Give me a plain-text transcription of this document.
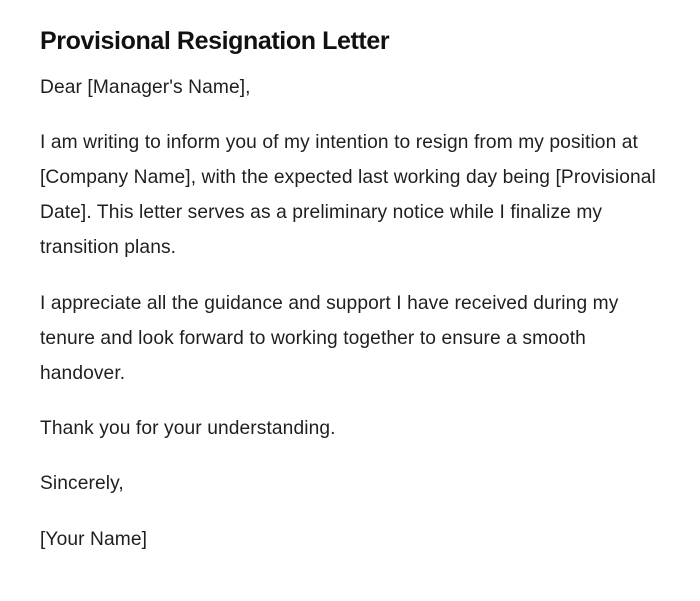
Provisional Resignation Letter

Dear [Manager's Name],

I am writing to inform you of my intention to resign from my position at [Company Name], with the expected last working day being [Provisional Date]. This letter serves as a preliminary notice while I finalize my transition plans.

I appreciate all the guidance and support I have received during my tenure and look forward to working together to ensure a smooth handover.

Thank you for your understanding.

Sincerely,

[Your Name]
